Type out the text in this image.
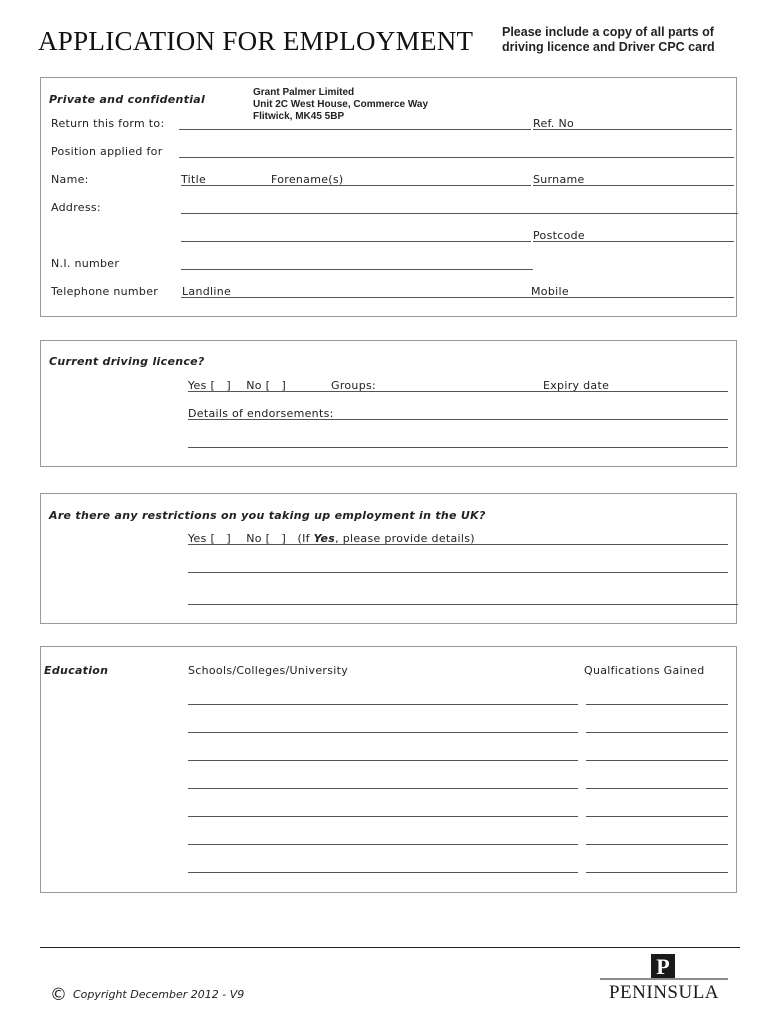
APPLICATION FOR EMPLOYMENT Please include a copy of all parts of
driving licence and Driver CPC card
Private and confidential
Grant Palmer Limited
Unit 2C West House, Commerce Way
Flitwick, MK45 5BP
Return this form to:	Ref. No
Position applied for
Name:	Title	Forename(s)	Surname
Address:
Postcode
N.I. number
Telephone number Landline	Mobile
Current driving licence?
Yes [   ]    No [   ]	Groups:	Expiry date
Details of endorsements:
Are there any restrictions on you taking up employment in the UK?
Yes [   ]    No [   ] (If Yes, please provide details)
Education	Schools/Colleges/University	Qualfications Gained
© Copyright December 2012 - V9
P
PENINSULA
